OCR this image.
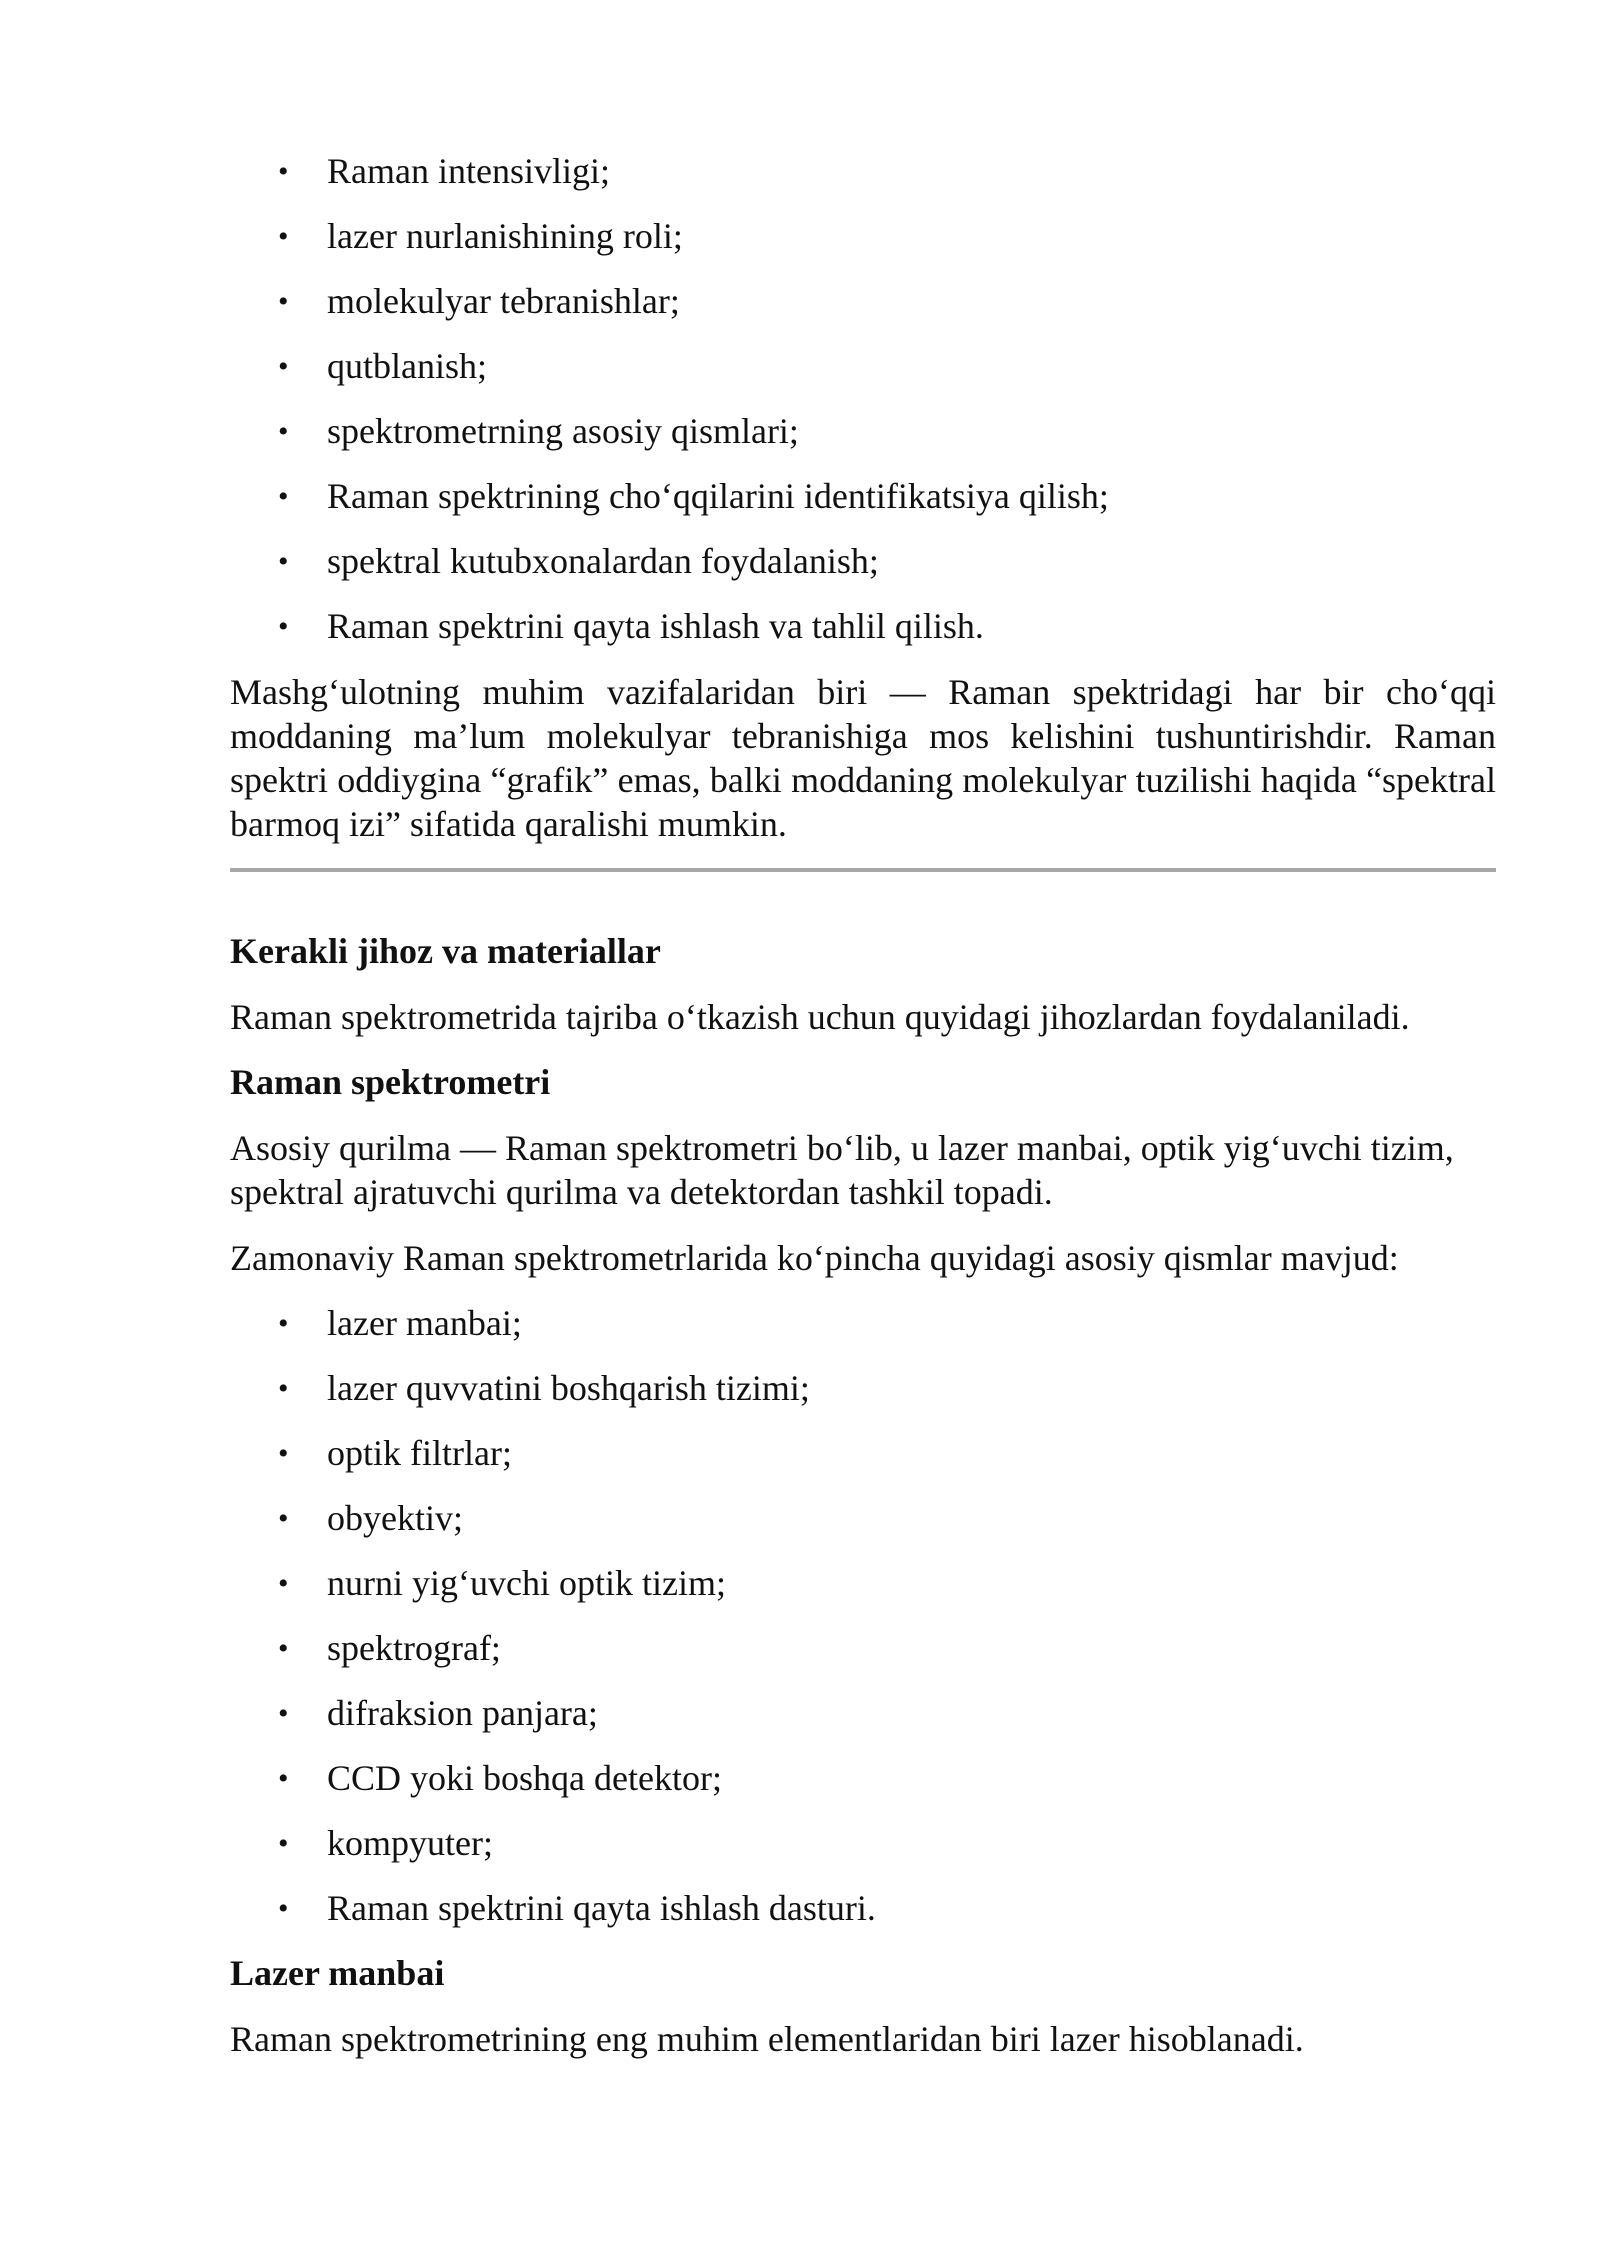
• Raman intensivligi;
• lazer nurlanishining roli;
• molekulyar tebranishlar;
• qutblanish;
• spektrometrning asosiy qismlari;
• Raman spektrining cho‘qqilarini identifikatsiya qilish;
• spektral kutubxonalardan foydalanish;
• Raman spektrini qayta ishlash va tahlil qilish.

Mashg‘ulotning muhim vazifalaridan biri — Raman spektridagi har bir cho‘qqi moddaning ma’lum molekulyar tebranishiga mos kelishini tushuntirishdir. Raman spektri oddiygina “grafik” emas, balki moddaning molekulyar tuzilishi haqida “spektral barmoq izi” sifatida qaralishi mumkin.

Kerakli jihoz va materiallar

Raman spektrometrida tajriba o‘tkazish uchun quyidagi jihozlardan foydalaniladi.

Raman spektrometri

Asosiy qurilma — Raman spektrometri bo‘lib, u lazer manbai, optik yig‘uvchi tizim, spektral ajratuvchi qurilma va detektordan tashkil topadi.

Zamonaviy Raman spektrometrlarida ko‘pincha quyidagi asosiy qismlar mavjud:

• lazer manbai;
• lazer quvvatini boshqarish tizimi;
• optik filtrlar;
• obyektiv;
• nurni yig‘uvchi optik tizim;
• spektrograf;
• difraksion panjara;
• CCD yoki boshqa detektor;
• kompyuter;
• Raman spektrini qayta ishlash dasturi.
Lazer manbai

Raman spektrometrining eng muhim elementlaridan biri lazer hisoblanadi.
